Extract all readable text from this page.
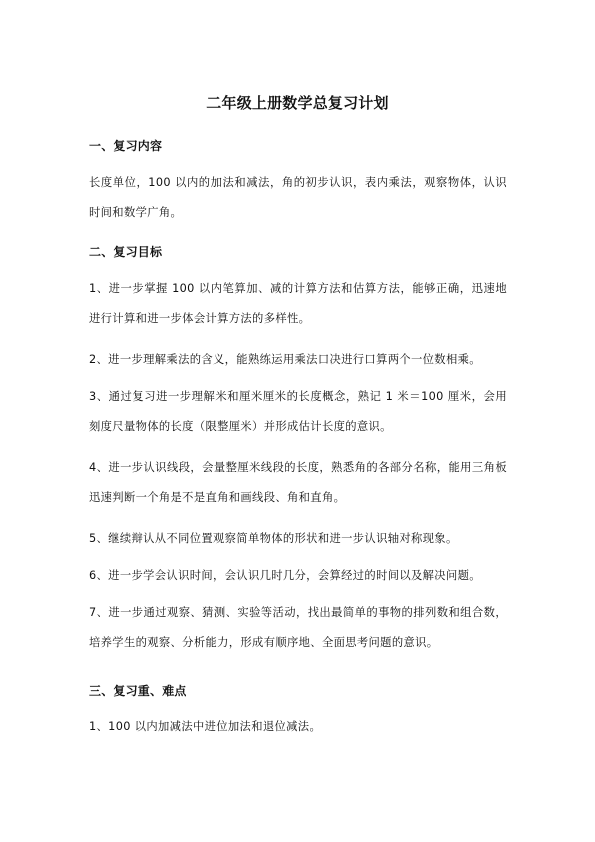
二年级上册数学总复习计划
一、复习内容
长度单位，100 以内的加法和减法，角的初步认识，表内乘法，观察物体，认识时间和数学广角。
二、复习目标
1、进一步掌握 100 以内笔算加、减的计算方法和估算方法，能够正确，迅速地进行计算和进一步体会计算方法的多样性。
2、进一步理解乘法的含义，能熟练运用乘法口决进行口算两个一位数相乘。
3、通过复习进一步理解米和厘米厘米的长度概念，熟记 1 米＝100 厘米，会用刻度尺量物体的长度（限整厘米）并形成估计长度的意识。
4、进一步认识线段，会量整厘米线段的长度，熟悉角的各部分名称，能用三角板迅速判断一个角是不是直角和画线段、角和直角。
5、继续辩认从不同位置观察简单物体的形状和进一步认识轴对称现象。
6、进一步学会认识时间，会认识几时几分，会算经过的时间以及解决问题。
7、进一步通过观察、猜测、实验等活动，找出最简单的事物的排列数和组合数，培养学生的观察、分析能力，形成有顺序地、全面思考问题的意识。
三、复习重、难点
1、100 以内加减法中进位加法和退位减法。
